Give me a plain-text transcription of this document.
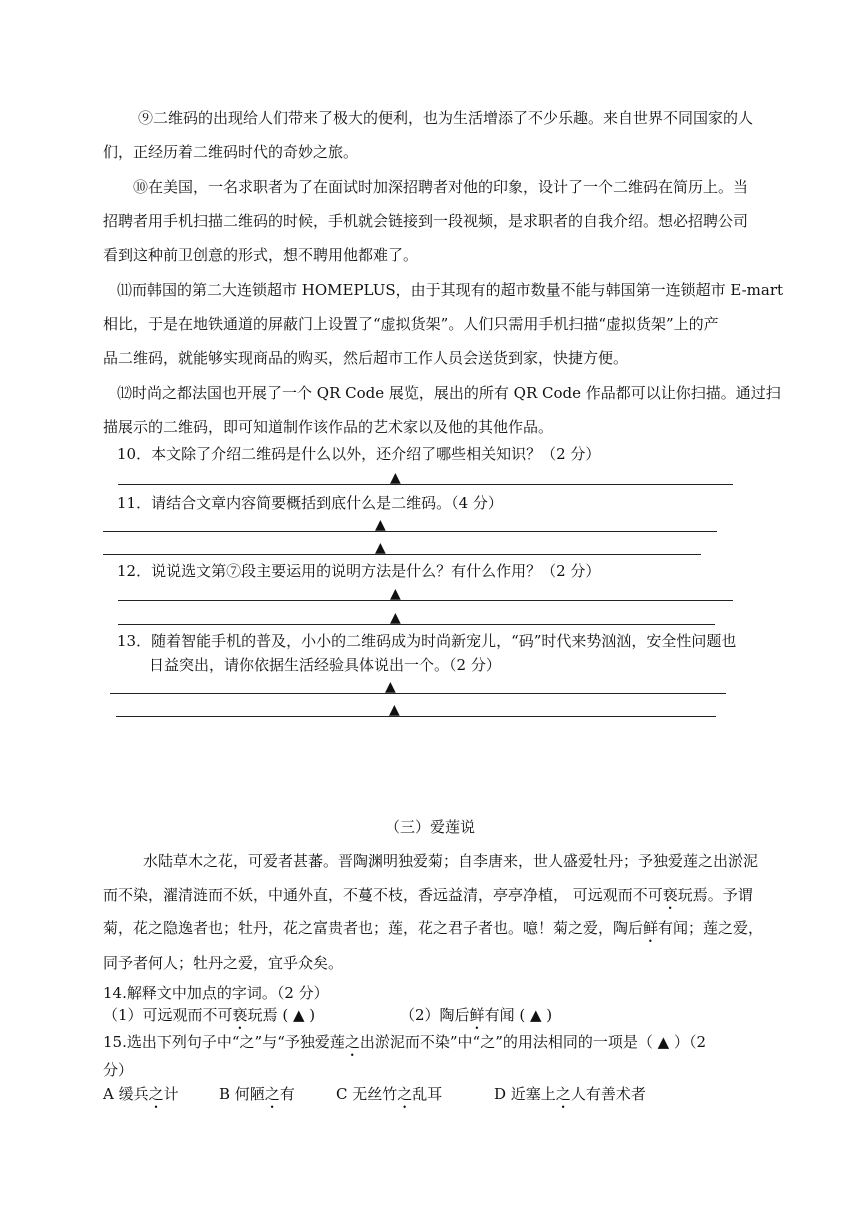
⑨二维码的出现给人们带来了极大的便利，也为生活增添了不少乐趣。来自世界不同国家的人
们，正经历着二维码时代的奇妙之旅。
⑩在美国，一名求职者为了在面试时加深招聘者对他的印象，设计了一个二维码在简历上。当
招聘者用手机扫描二维码的时候，手机就会链接到一段视频，是求职者的自我介绍。想必招聘公司
看到这种前卫创意的形式，想不聘用他都难了。
⑾而韩国的第二大连锁超市 HOMEPLUS，由于其现有的超市数量不能与韩国第一连锁超市 E-mart
相比，于是在地铁通道的屏蔽门上设置了“虚拟货架”。人们只需用手机扫描“虚拟货架”上的产
品二维码，就能够实现商品的购买，然后超市工作人员会送货到家，快捷方便。
⑿时尚之都法国也开展了一个 QR Code 展览，展出的所有 QR Code 作品都可以让你扫描。通过扫
描展示的二维码，即可知道制作该作品的艺术家以及他的其他作品。
10．本文除了介绍二维码是什么以外，还介绍了哪些相关知识？（2 分）
▲
11．请结合文章内容简要概括到底什么是二维码。（4 分）
▲
▲
12．说说选文第⑦段主要运用的说明方法是什么？有什么作用？（2 分）
▲
▲
13．随着智能手机的普及，小小的二维码成为时尚新宠儿，“码”时代来势汹汹，安全性问题也
日益突出，请你依据生活经验具体说出一个。（2 分）
▲
▲
（三）爱莲说
水陆草木之花，可爱者甚蕃。晋陶渊明独爱菊；自李唐来，世人盛爱牡丹；予独爱莲之出淤泥
而不染，濯清涟而不妖，中通外直，不蔓不枝，香远益清，亭亭净植， 可远观而不可亵玩焉。予谓
菊，花之隐逸者也；牡丹，花之富贵者也；莲，花之君子者也。噫！菊之爱，陶后鲜有闻；莲之爱，
同予者何人；牡丹之爱，宜乎众矣。
14.解释文中加点的字词。（2 分）
（1）可远观而不可亵玩焉 ( ▲ )	（2）陶后鲜有闻 ( ▲ )
15.选出下列句子中“之”与“予独爱莲之出淤泥而不染”中“之”的用法相同的一项是（ ▲ ）（2
分）
A 缓兵之计	B 何陋之有	C 无丝竹之乱耳	D 近塞上之人有善术者
